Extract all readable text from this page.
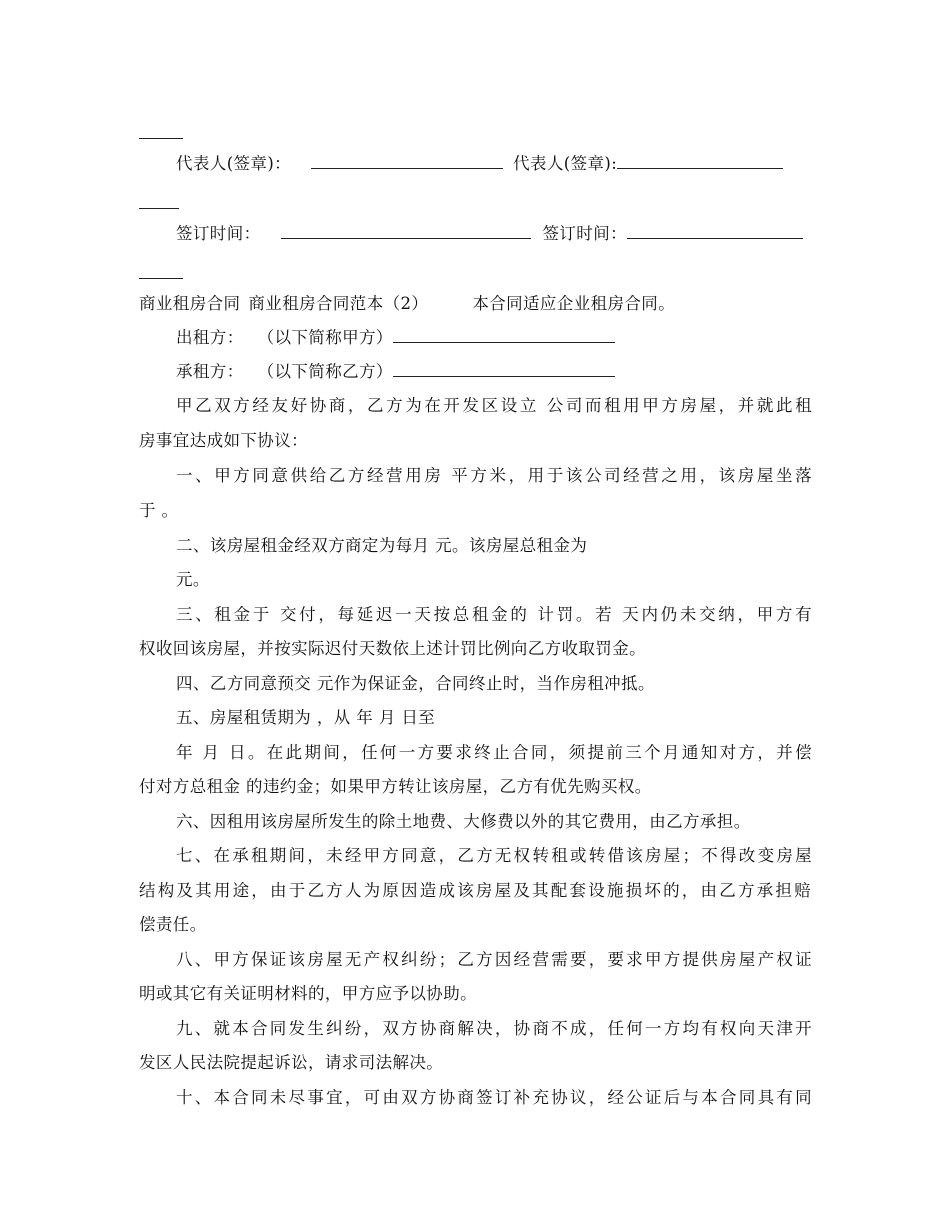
代表人(签章)：	代表人(签章):
签订时间：	签订时间：
商业租房合同 商业租房合同范本（2）	本合同适应企业租房合同。
出租方： （以下简称甲方）
承租方： （以下简称乙方）
甲乙双方经友好协商，乙方为在开发区设立 公司而租用甲方房屋，并就此租
房事宜达成如下协议：
一、甲方同意供给乙方经营用房 平方米，用于该公司经营之用，该房屋坐落
于 。
二、该房屋租金经双方商定为每月 元。该房屋总租金为
元。
三、租金于 交付，每延迟一天按总租金的 计罚。若 天内仍未交纳，甲方有
权收回该房屋，并按实际迟付天数依上述计罚比例向乙方收取罚金。
四、乙方同意预交 元作为保证金，合同终止时，当作房租冲抵。
五、房屋租赁期为 ，从 年 月 日至
年 月 日。在此期间，任何一方要求终止合同，须提前三个月通知对方，并偿
付对方总租金 的违约金；如果甲方转让该房屋，乙方有优先购买权。
六、因租用该房屋所发生的除土地费、大修费以外的其它费用，由乙方承担。
七、在承租期间，未经甲方同意，乙方无权转租或转借该房屋；不得改变房屋
结构及其用途，由于乙方人为原因造成该房屋及其配套设施损坏的，由乙方承担赔
偿责任。
八、甲方保证该房屋无产权纠纷；乙方因经营需要，要求甲方提供房屋产权证
明或其它有关证明材料的，甲方应予以协助。
九、就本合同发生纠纷，双方协商解决，协商不成，任何一方均有权向天津开
发区人民法院提起诉讼，请求司法解决。
十、本合同未尽事宜，可由双方协商签订补充协议，经公证后与本合同具有同
